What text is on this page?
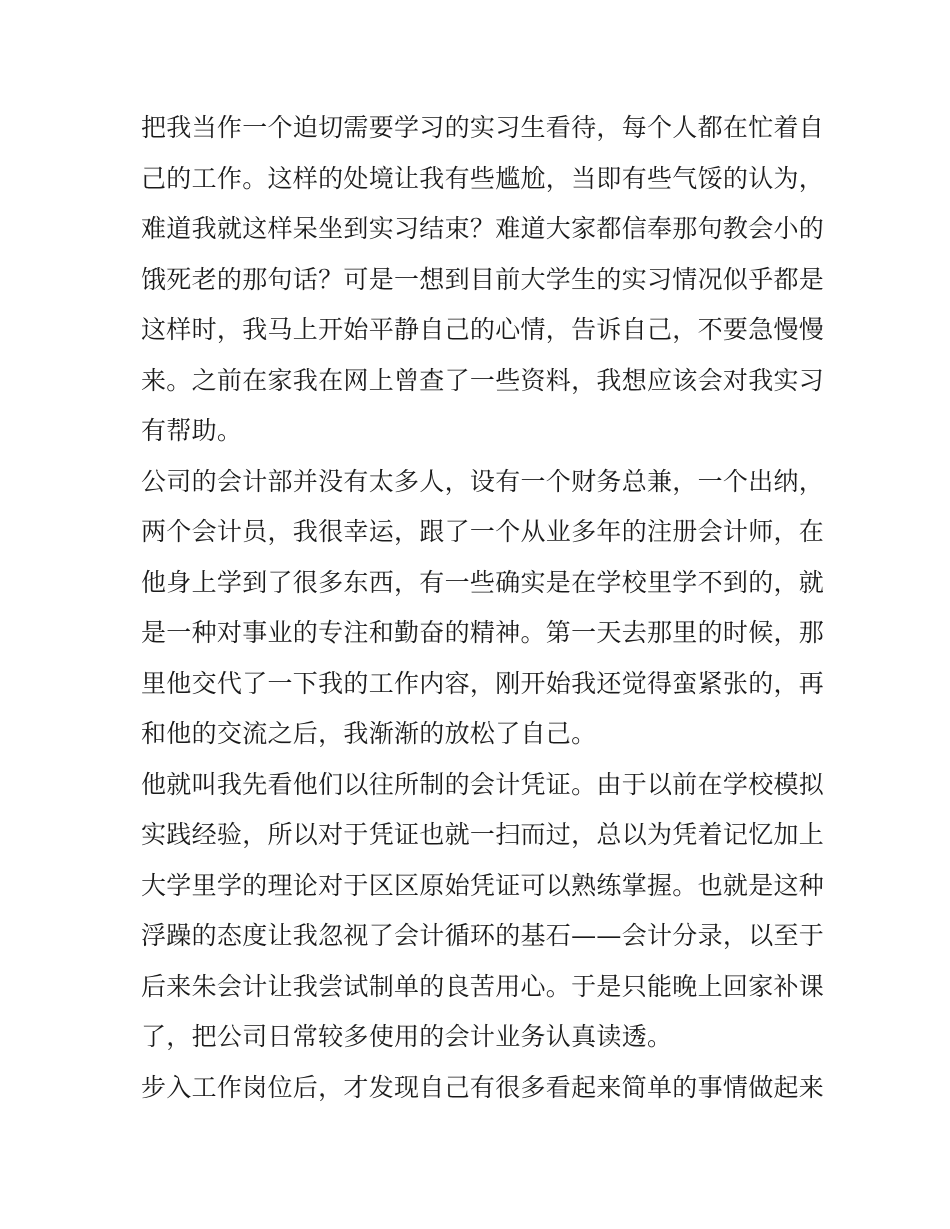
把我当作一个迫切需要学习的实习生看待，每个人都在忙着自
己的工作。这样的处境让我有些尴尬，当即有些气馁的认为，
难道我就这样呆坐到实习结束？难道大家都信奉那句教会小的
饿死老的那句话？可是一想到目前大学生的实习情况似乎都是
这样时，我马上开始平静自己的心情，告诉自己，不要急慢慢
来。之前在家我在网上曾查了一些资料，我想应该会对我实习
有帮助。
公司的会计部并没有太多人，设有一个财务总兼，一个出纳，
两个会计员，我很幸运，跟了一个从业多年的注册会计师，在
他身上学到了很多东西，有一些确实是在学校里学不到的，就
是一种对事业的专注和勤奋的精神。第一天去那里的时候，那
里他交代了一下我的工作内容，刚开始我还觉得蛮紧张的，再
和他的交流之后，我渐渐的放松了自己。
他就叫我先看他们以往所制的会计凭证。由于以前在学校模拟
实践经验，所以对于凭证也就一扫而过，总以为凭着记忆加上
大学里学的理论对于区区原始凭证可以熟练掌握。也就是这种
浮躁的态度让我忽视了会计循环的基石——会计分录，以至于
后来朱会计让我尝试制单的良苦用心。于是只能晚上回家补课
了，把公司日常较多使用的会计业务认真读透。
步入工作岗位后，才发现自己有很多看起来简单的事情做起来
